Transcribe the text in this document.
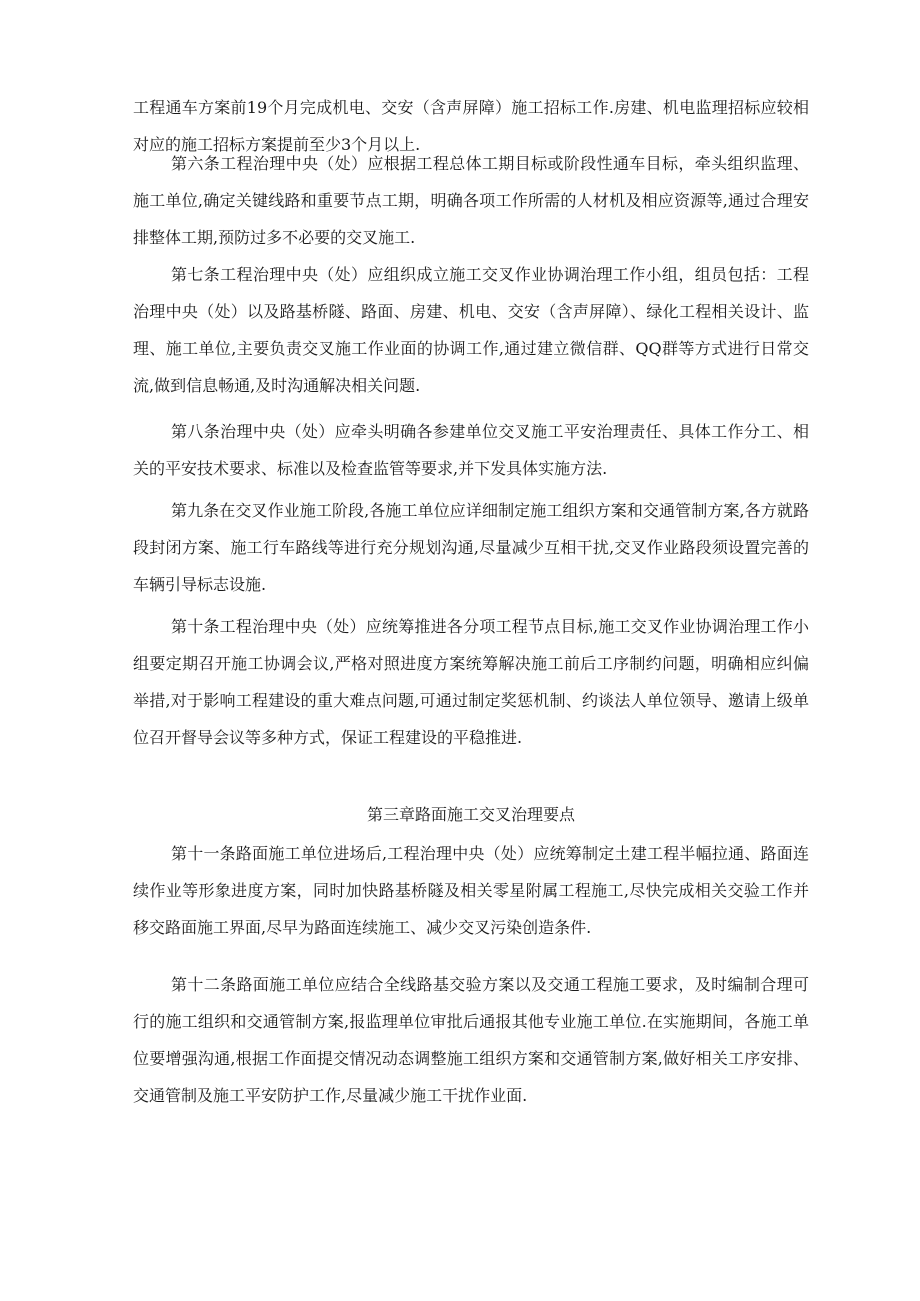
工程通车方案前19个月完成机电、交安（含声屏障）施工招标工作.房建、机电监理招标应较相对应的施工招标方案提前至少3个月以上.

第六条工程治理中央（处）应根据工程总体工期目标或阶段性通车目标，牵头组织监理、施工单位,确定关键线路和重要节点工期，明确各项工作所需的人材机及相应资源等,通过合理安排整体工期,预防过多不必要的交叉施工.

第七条工程治理中央（处）应组织成立施工交叉作业协调治理工作小组，组员包括：工程治理中央（处）以及路基桥隧、路面、房建、机电、交安（含声屏障）、绿化工程相关设计、监理、施工单位,主要负责交叉施工作业面的协调工作,通过建立微信群、QQ群等方式进行日常交流,做到信息畅通,及时沟通解决相关问题.

第八条治理中央（处）应牵头明确各参建单位交叉施工平安治理责任、具体工作分工、相关的平安技术要求、标准以及检查监管等要求,并下发具体实施方法.

第九条在交叉作业施工阶段,各施工单位应详细制定施工组织方案和交通管制方案,各方就路段封闭方案、施工行车路线等进行充分规划沟通,尽量减少互相干扰,交叉作业路段须设置完善的车辆引导标志设施.

第十条工程治理中央（处）应统筹推进各分项工程节点目标,施工交叉作业协调治理工作小组要定期召开施工协调会议,严格对照进度方案统筹解决施工前后工序制约问题，明确相应纠偏举措,对于影响工程建设的重大难点问题,可通过制定奖惩机制、约谈法人单位领导、邀请上级单位召开督导会议等多种方式，保证工程建设的平稳推进.

第三章路面施工交叉治理要点

第十一条路面施工单位进场后,工程治理中央（处）应统筹制定土建工程半幅拉通、路面连续作业等形象进度方案，同时加快路基桥隧及相关零星附属工程施工,尽快完成相关交验工作并移交路面施工界面,尽早为路面连续施工、减少交叉污染创造条件.

第十二条路面施工单位应结合全线路基交验方案以及交通工程施工要求，及时编制合理可行的施工组织和交通管制方案,报监理单位审批后通报其他专业施工单位.在实施期间，各施工单位要增强沟通,根据工作面提交情况动态调整施工组织方案和交通管制方案,做好相关工序安排、交通管制及施工平安防护工作,尽量减少施工干扰作业面.
